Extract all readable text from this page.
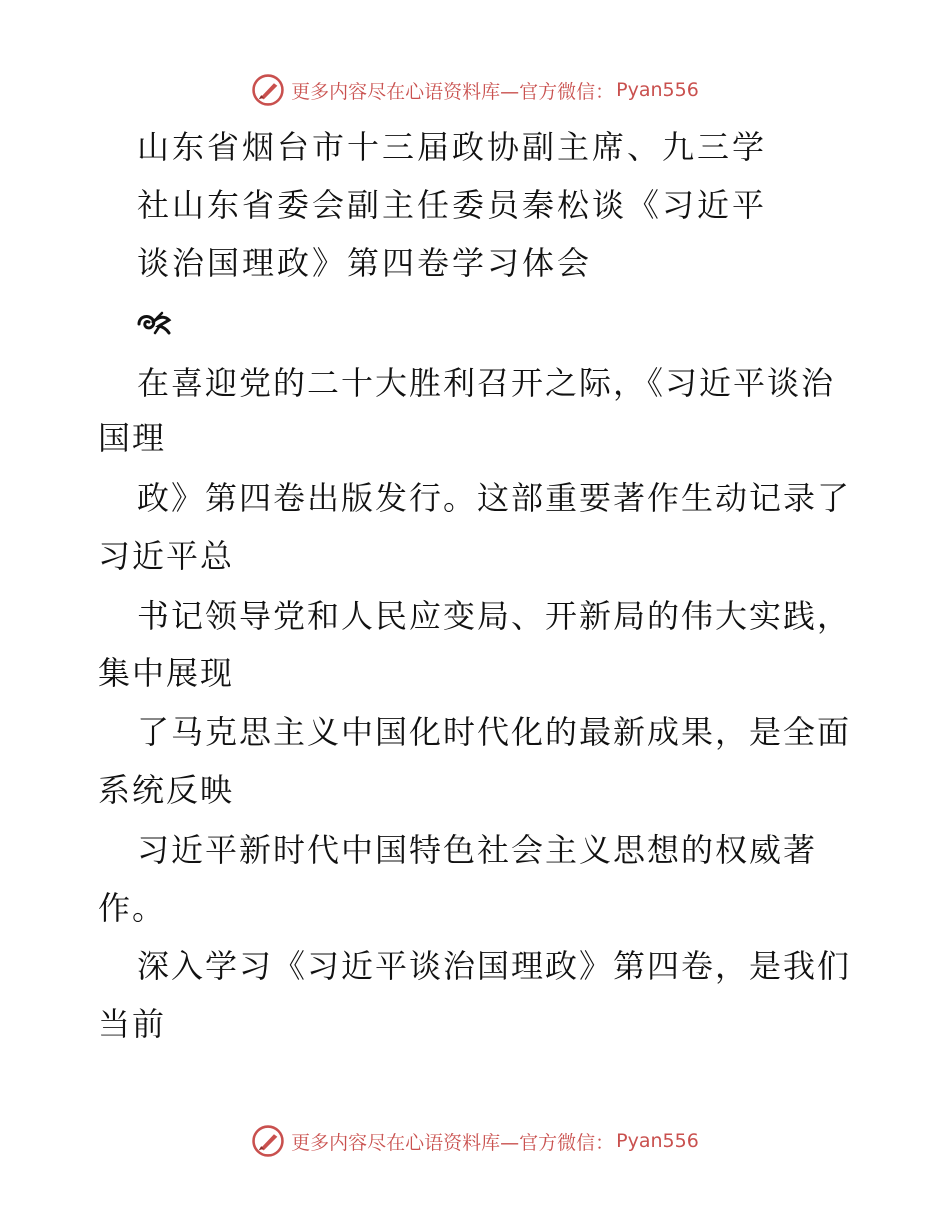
更多内容尽在心语资料库—官方微信： Pyan556
山东省烟台市十三届政协副主席、九三学
社山东省委会副主任委员秦松谈《习近平
谈治国理政》第四卷学习体会
在喜迎党的二十大胜利召开之际，《习近平谈治
国理
政》第四卷出版发行。这部重要著作生动记录了
习近平总
书记领导党和人民应变局、开新局的伟大实践，
集中展现
了马克思主义中国化时代化的最新成果，是全面
系统反映
习近平新时代中国特色社会主义思想的权威著
作。
深入学习《习近平谈治国理政》第四卷，是我们
当前
更多内容尽在心语资料库—官方微信： Pyan556
